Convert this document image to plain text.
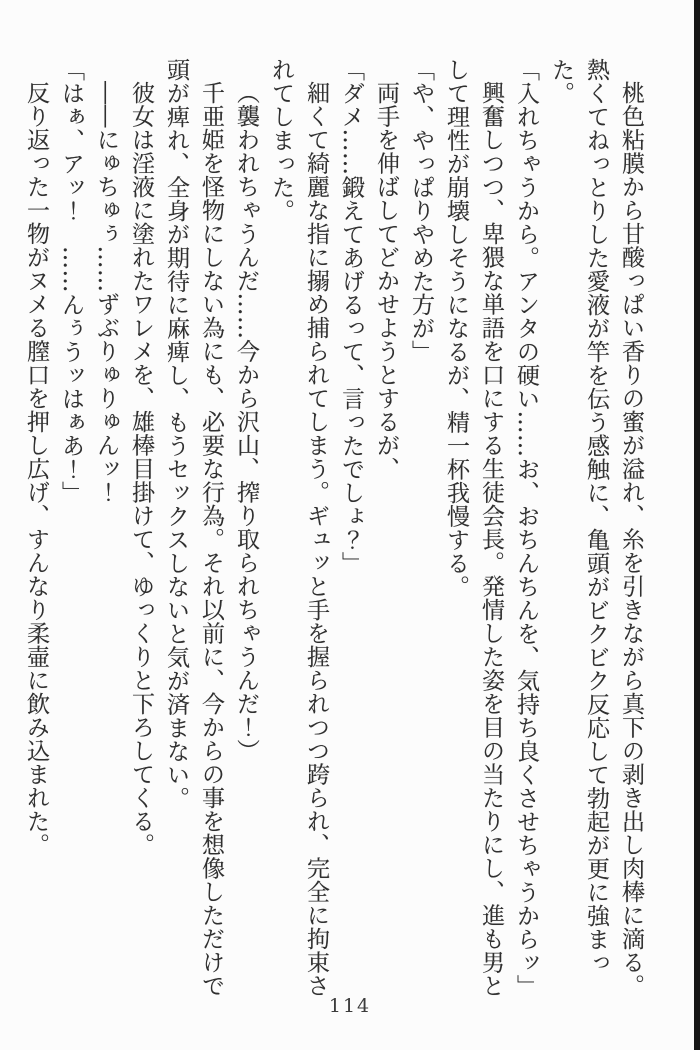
桃色粘膜から甘酸っぱい香りの蜜が溢れ、糸を引きながら真下の剥き出し肉棒に滴る。

熱くてねっとりした愛液が竿を伝う感触に、亀頭がビクビク反応して勃起が更に強まった。

「入れちゃうから。アンタの硬い……お、おちんちんを、気持ち良くさせちゃうからッ」

興奮しつつ、卑猥な単語を口にする生徒会長。発情した姿を目の当たりにし、進も男と

して理性が崩壊しそうになるが、精一杯我慢する。

「や、やっぱりやめた方が」

両手を伸ばしてどかせようとするが、

「ダメ……鍛えてあげるって、言ったでしょ？」

細くて綺麗な指に搦め捕られてしまう。ギュッと手を握られつつ跨られ、完全に拘束さ

れてしまった。

（襲われちゃうんだ……今から沢山、搾り取られちゃうんだ！）

千亜姫を怪物にしない為にも、必要な行為。それ以前に、今からの事を想像しただけで

頭が痺れ、全身が期待に麻痺し、もうセックスしないと気が済まない。

彼女は淫液に塗れたワレメを、雄棒目掛けて、ゆっくりと下ろしてくる。

――にゅちゅぅ……ずぶりゅりゅんッ！

「はぁ、アッ！　……んぅうッはぁあ！」

反り返った一物がヌメる膣口を押し広げ、すんなり柔壷に飲み込まれた。

114
